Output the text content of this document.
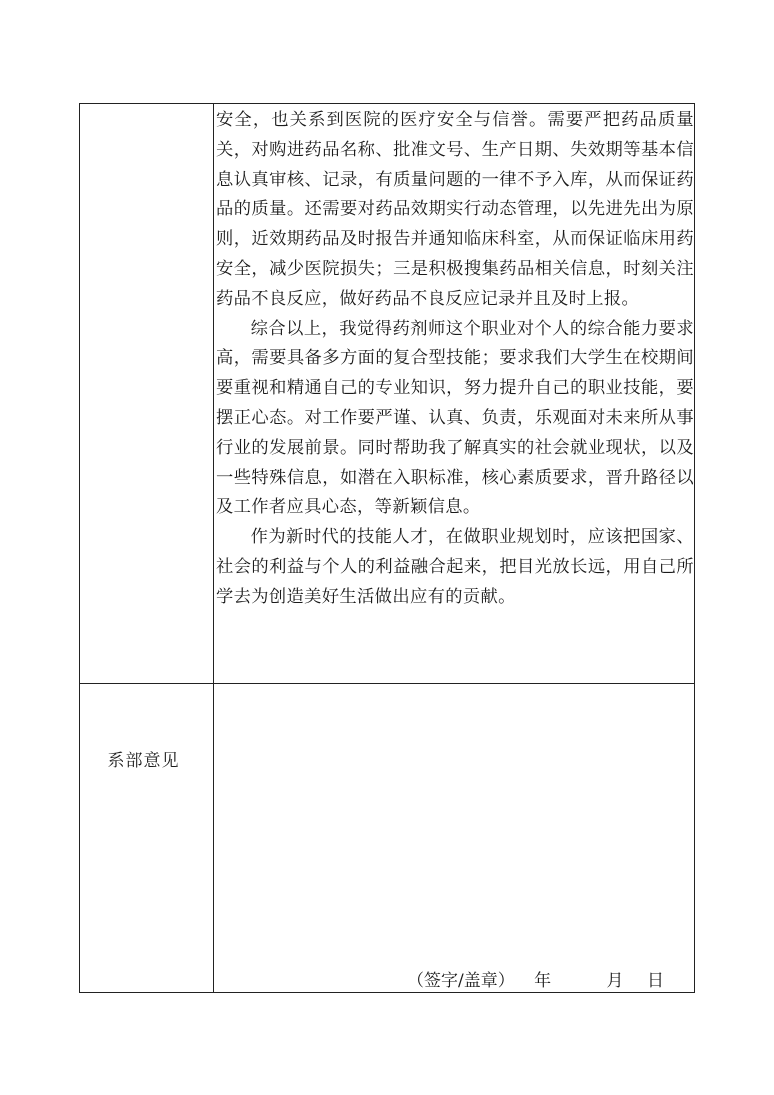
安全，也关系到医院的医疗安全与信誉。需要严把药品质量关，对购进药品名称、批准文号、生产日期、失效期等基本信息认真审核、记录，有质量问题的一律不予入库，从而保证药品的质量。还需要对药品效期实行动态管理，以先进先出为原则，近效期药品及时报告并通知临床科室，从而保证临床用药安全，减少医院损失；三是积极搜集药品相关信息，时刻关注药品不良反应，做好药品不良反应记录并且及时上报。

综合以上，我觉得药剂师这个职业对个人的综合能力要求高，需要具备多方面的复合型技能；要求我们大学生在校期间要重视和精通自己的专业知识，努力提升自己的职业技能，要摆正心态。对工作要严谨、认真、负责，乐观面对未来所从事行业的发展前景。同时帮助我了解真实的社会就业现状，以及一些特殊信息，如潜在入职标准，核心素质要求，晋升路径以及工作者应具心态，等新颖信息。

作为新时代的技能人才，在做职业规划时，应该把国家、社会的利益与个人的利益融合起来，把目光放长远，用自己所学去为创造美好生活做出应有的贡献。

系部意见
（签字/盖章） 年	月 日
